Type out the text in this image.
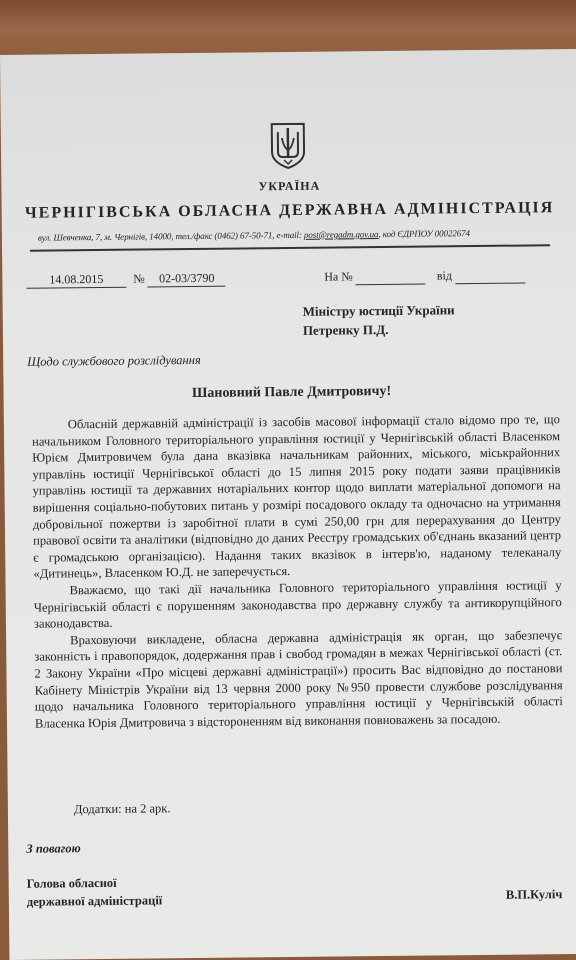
УКРАЇНА
ЧЕРНІГІВСЬКА ОБЛАСНА ДЕРЖАВНА АДМІНІСТРАЦІЯ
вул. Шевченка, 7, м. Чернігів, 14000, тел./факс (0462) 67-50-71, e-mail: post@regadm.gov.ua, код ЄДРПОУ 00022674
14.08.2015 № 02-03/3790	На №	від
Міністру юстиції України
Петренку П.Д.
Щодо службового розслідування
Шановний Павле Дмитровичу!

Обласній державній адміністрації із засобів масової інформації стало відомо про те, що начальником Головного територіального управління юстиції у Чернігівській області Власенком Юрієм Дмитровичем була дана вказівка начальникам районних, міського, міськрайонних управлінь юстиції Чернігівської області до 15 липня 2015 року подати заяви працівників управлінь юстиції та державних нотаріальних контор щодо виплати матеріальної допомоги на вирішення соціально-побутових питань у розмірі посадового окладу та одночасно на утримання добровільної пожертви із заробітної плати в сумі 250,00 грн для перерахування до Центру правової освіти та аналітики (відповідно до даних Реєстру громадських об'єднань вказаний центр є громадською організацією). Надання таких вказівок в інтерв'ю, наданому телеканалу «Дитинець», Власенком Ю.Д. не заперечується.

Вважаємо, що такі дії начальника Головного територіального управління юстиції у Чернігівській області є порушенням законодавства про державну службу та антикорупційного законодавства.

Враховуючи викладене, обласна державна адміністрація як орган, що забезпечує законність і правопорядок, додержання прав і свобод громадян в межах Чернігівської області (ст. 2 Закону України «Про місцеві державні адміністрації») просить Вас відповідно до постанови Кабінету Міністрів України від 13 червня 2000 року №950 провести службове розслідування щодо начальника Головного територіального управління юстиції у Чернігівській області Власенка Юрія Дмитровича з відстороненням від виконання повноважень за посадою.

Додатки: на 2 арк.
З повагою
Голова обласної
державної адміністрації	В.П.Куліч
